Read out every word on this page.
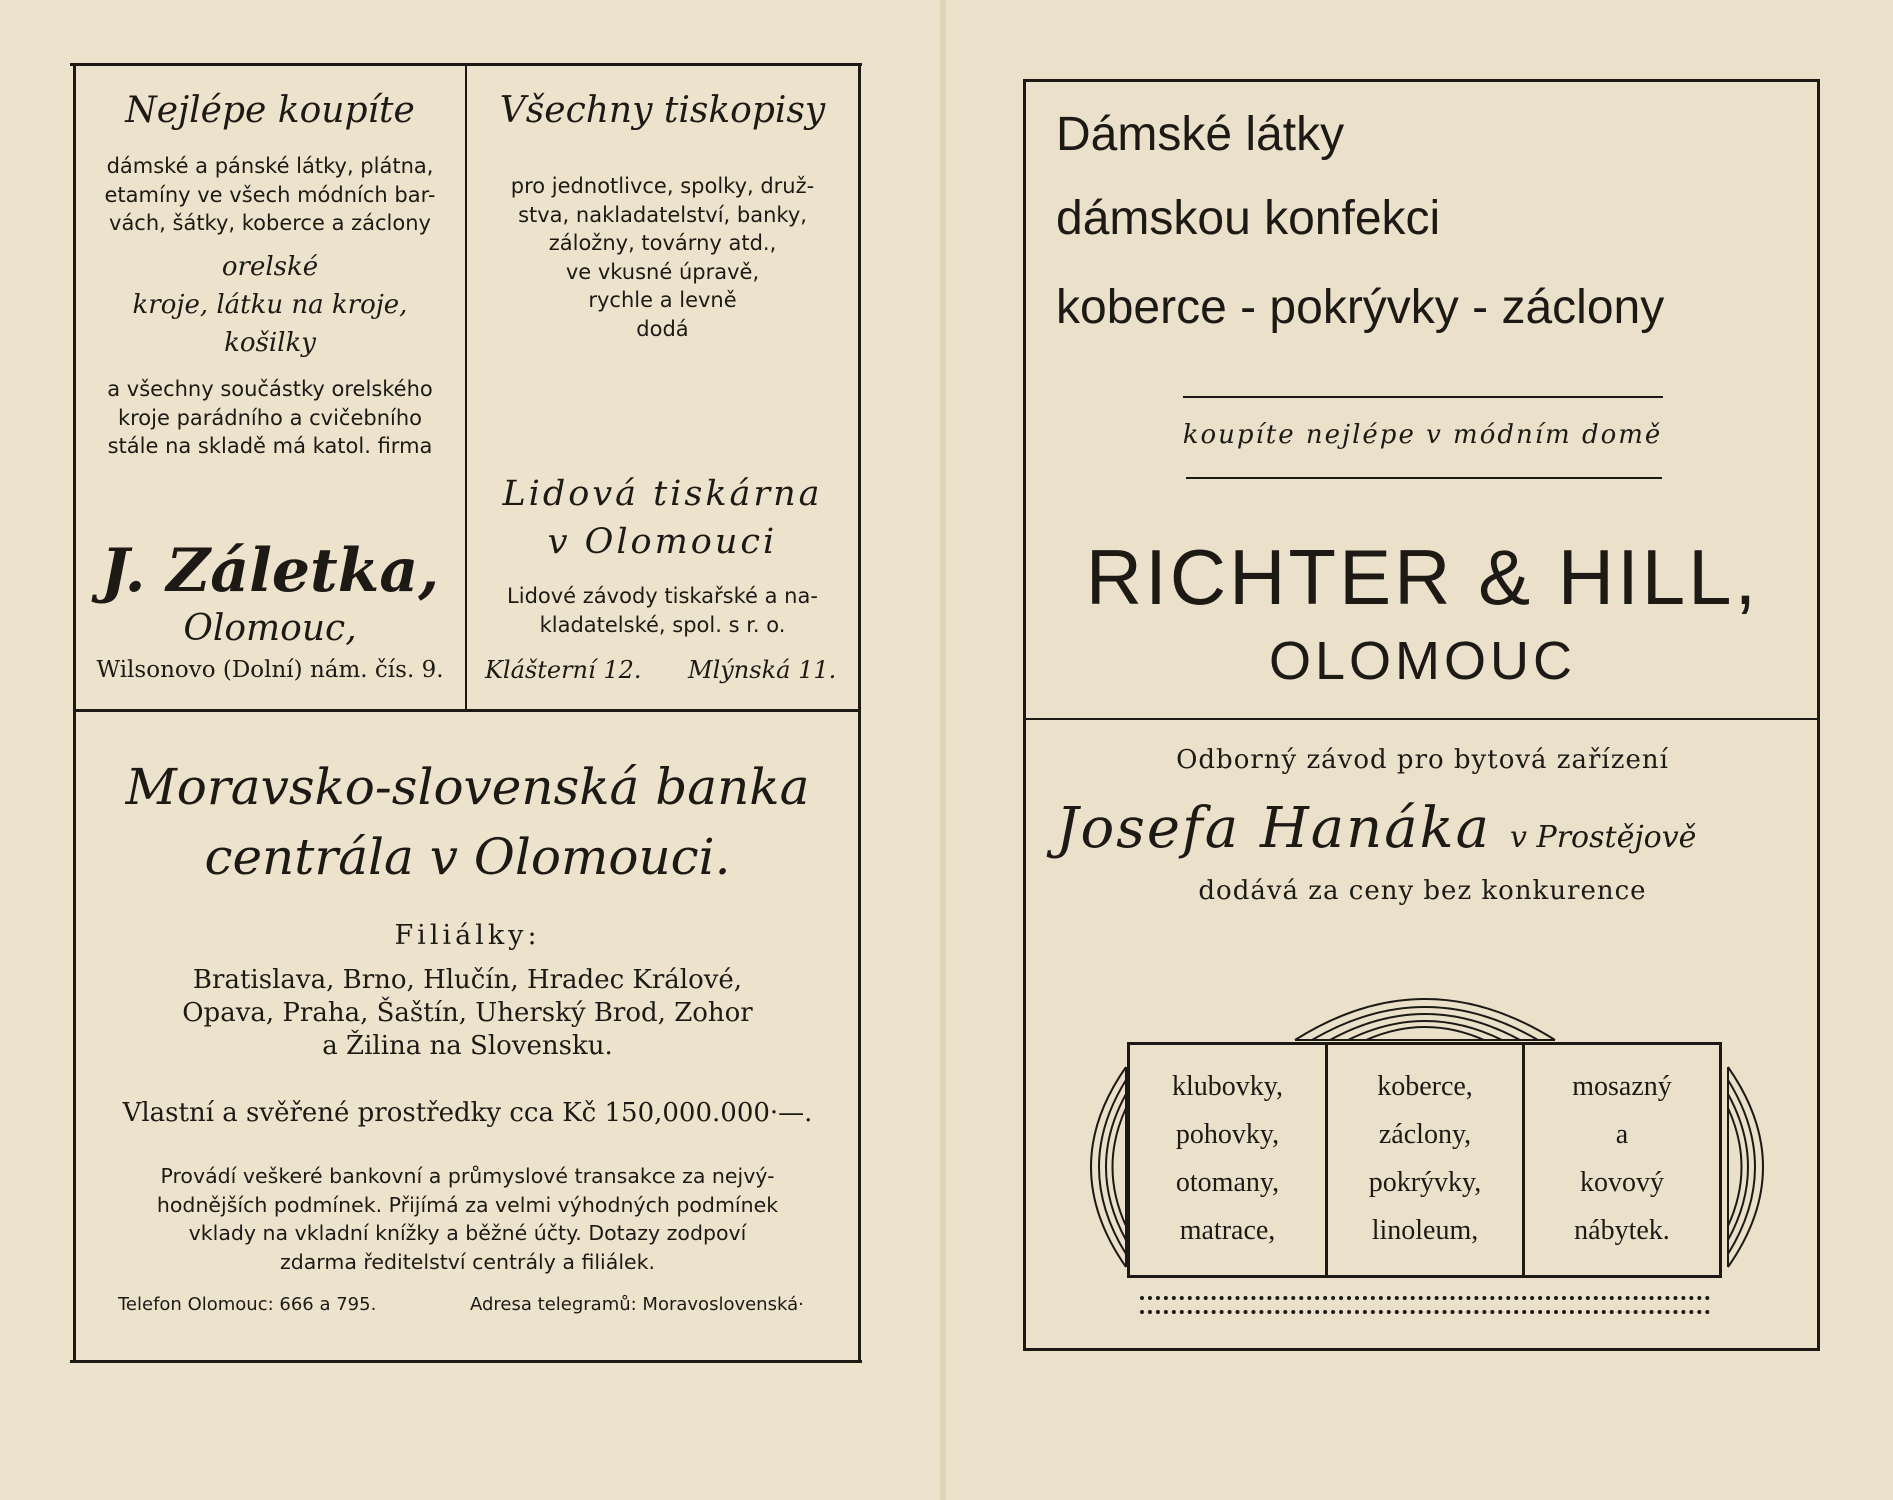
Nejlépe koupíte
dámské a pánské látky, plátna,
etamíny ve všech módních bar-
vách, šátky, koberce a záclony
orelské
kroje, látku na kroje,
košilky
a všechny součástky orelského
kroje parádního a cvičebního
stále na skladě má katol. firma
J. Záletka,
Olomouc,
Wilsonovo (Dolní) nám. čís. 9.
Všechny tiskopisy
pro jednotlivce, spolky, druž-
stva, nakladatelství, banky,
záložny, továrny atd.,
ve vkusné úpravě,
rychle a levně
dodá
Lidová tiskárna
v Olomouci
Lidové závody tiskařské a na-
kladatelské, spol. s r. o.
Klášterní 12. Mlýnská 11.
Moravsko-slovenská banka
centrála v Olomouci.
Filiálky:
Bratislava, Brno, Hlučín, Hradec Králové,
Opava, Praha, Šaštín, Uherský Brod, Zohor
a Žilina na Slovensku.
Vlastní a svěřené prostředky cca Kč 150,000.000·—.
Provádí veškeré bankovní a průmyslové transakce za nejvý-
hodnějších podmínek. Přijímá za velmi výhodných podmínek
vklady na vkladní knížky a běžné účty. Dotazy zodpoví
zdarma ředitelství centrály a filiálek.
Telefon Olomouc: 666 a 795.	Adresa telegramů: Moravoslovenská·
Dámské látky
dámskou konfekci
koberce - pokrývky - záclony
koupíte nejlépe v módním domě
RICHTER & HILL,
OLOMOUC
Odborný závod pro bytová zařízení
Josefa Hanáka v Prostějově
dodává za ceny bez konkurence
klubovky,
pohovky,
otomany,
matrace,
koberce,
záclony,
pokrývky,
linoleum,
mosazný
a
kovový
nábytek.
